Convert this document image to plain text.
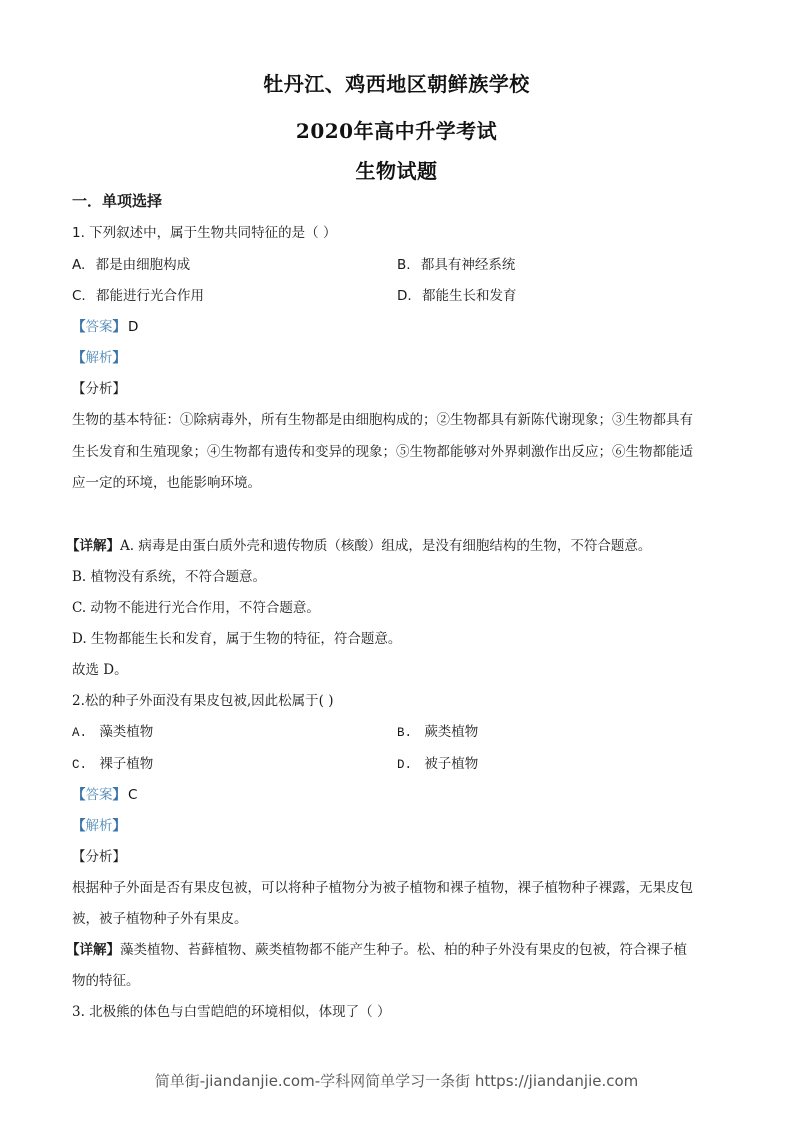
牡丹江、鸡西地区朝鲜族学校
2020年高中升学考试
生物试题
一．单项选择
1. 下列叙述中，属于生物共同特征的是（ ）
A. 都是由细胞构成	B. 都具有神经系统
C. 都能进行光合作用	D. 都能生长和发育
【答案】 D
【解析】
【分析】
生物的基本特征：①除病毒外，所有生物都是由细胞构成的；②生物都具有新陈代谢现象；③生物都具有
生长发育和生殖现象；④生物都有遗传和变异的现象；⑤生物都能够对外界刺激作出反应；⑥生物都能适
应一定的环境，也能影响环境。
【详解】A. 病毒是由蛋白质外壳和遗传物质（核酸）组成，是没有细胞结构的生物，不符合题意。
B. 植物没有系统，不符合题意。
C. 动物不能进行光合作用，不符合题意。
D. 生物都能生长和发育，属于生物的特征，符合题意。
故选 D。
2.松的种子外面没有果皮包被,因此松属于( )
A. 藻类植物	B. 蕨类植物
C. 裸子植物	D. 被子植物
【答案】 C
【解析】
【分析】
根据种子外面是否有果皮包被，可以将种子植物分为被子植物和裸子植物，裸子植物种子裸露，无果皮包
被，被子植物种子外有果皮。
【详解】藻类植物、苔藓植物、蕨类植物都不能产生种子。松、柏的种子外没有果皮的包被，符合裸子植
物的特征。
3. 北极熊的体色与白雪皑皑的环境相似，体现了（ ）
简单街-jiandanjie.com-学科网简单学习一条街 https://jiandanjie.com
